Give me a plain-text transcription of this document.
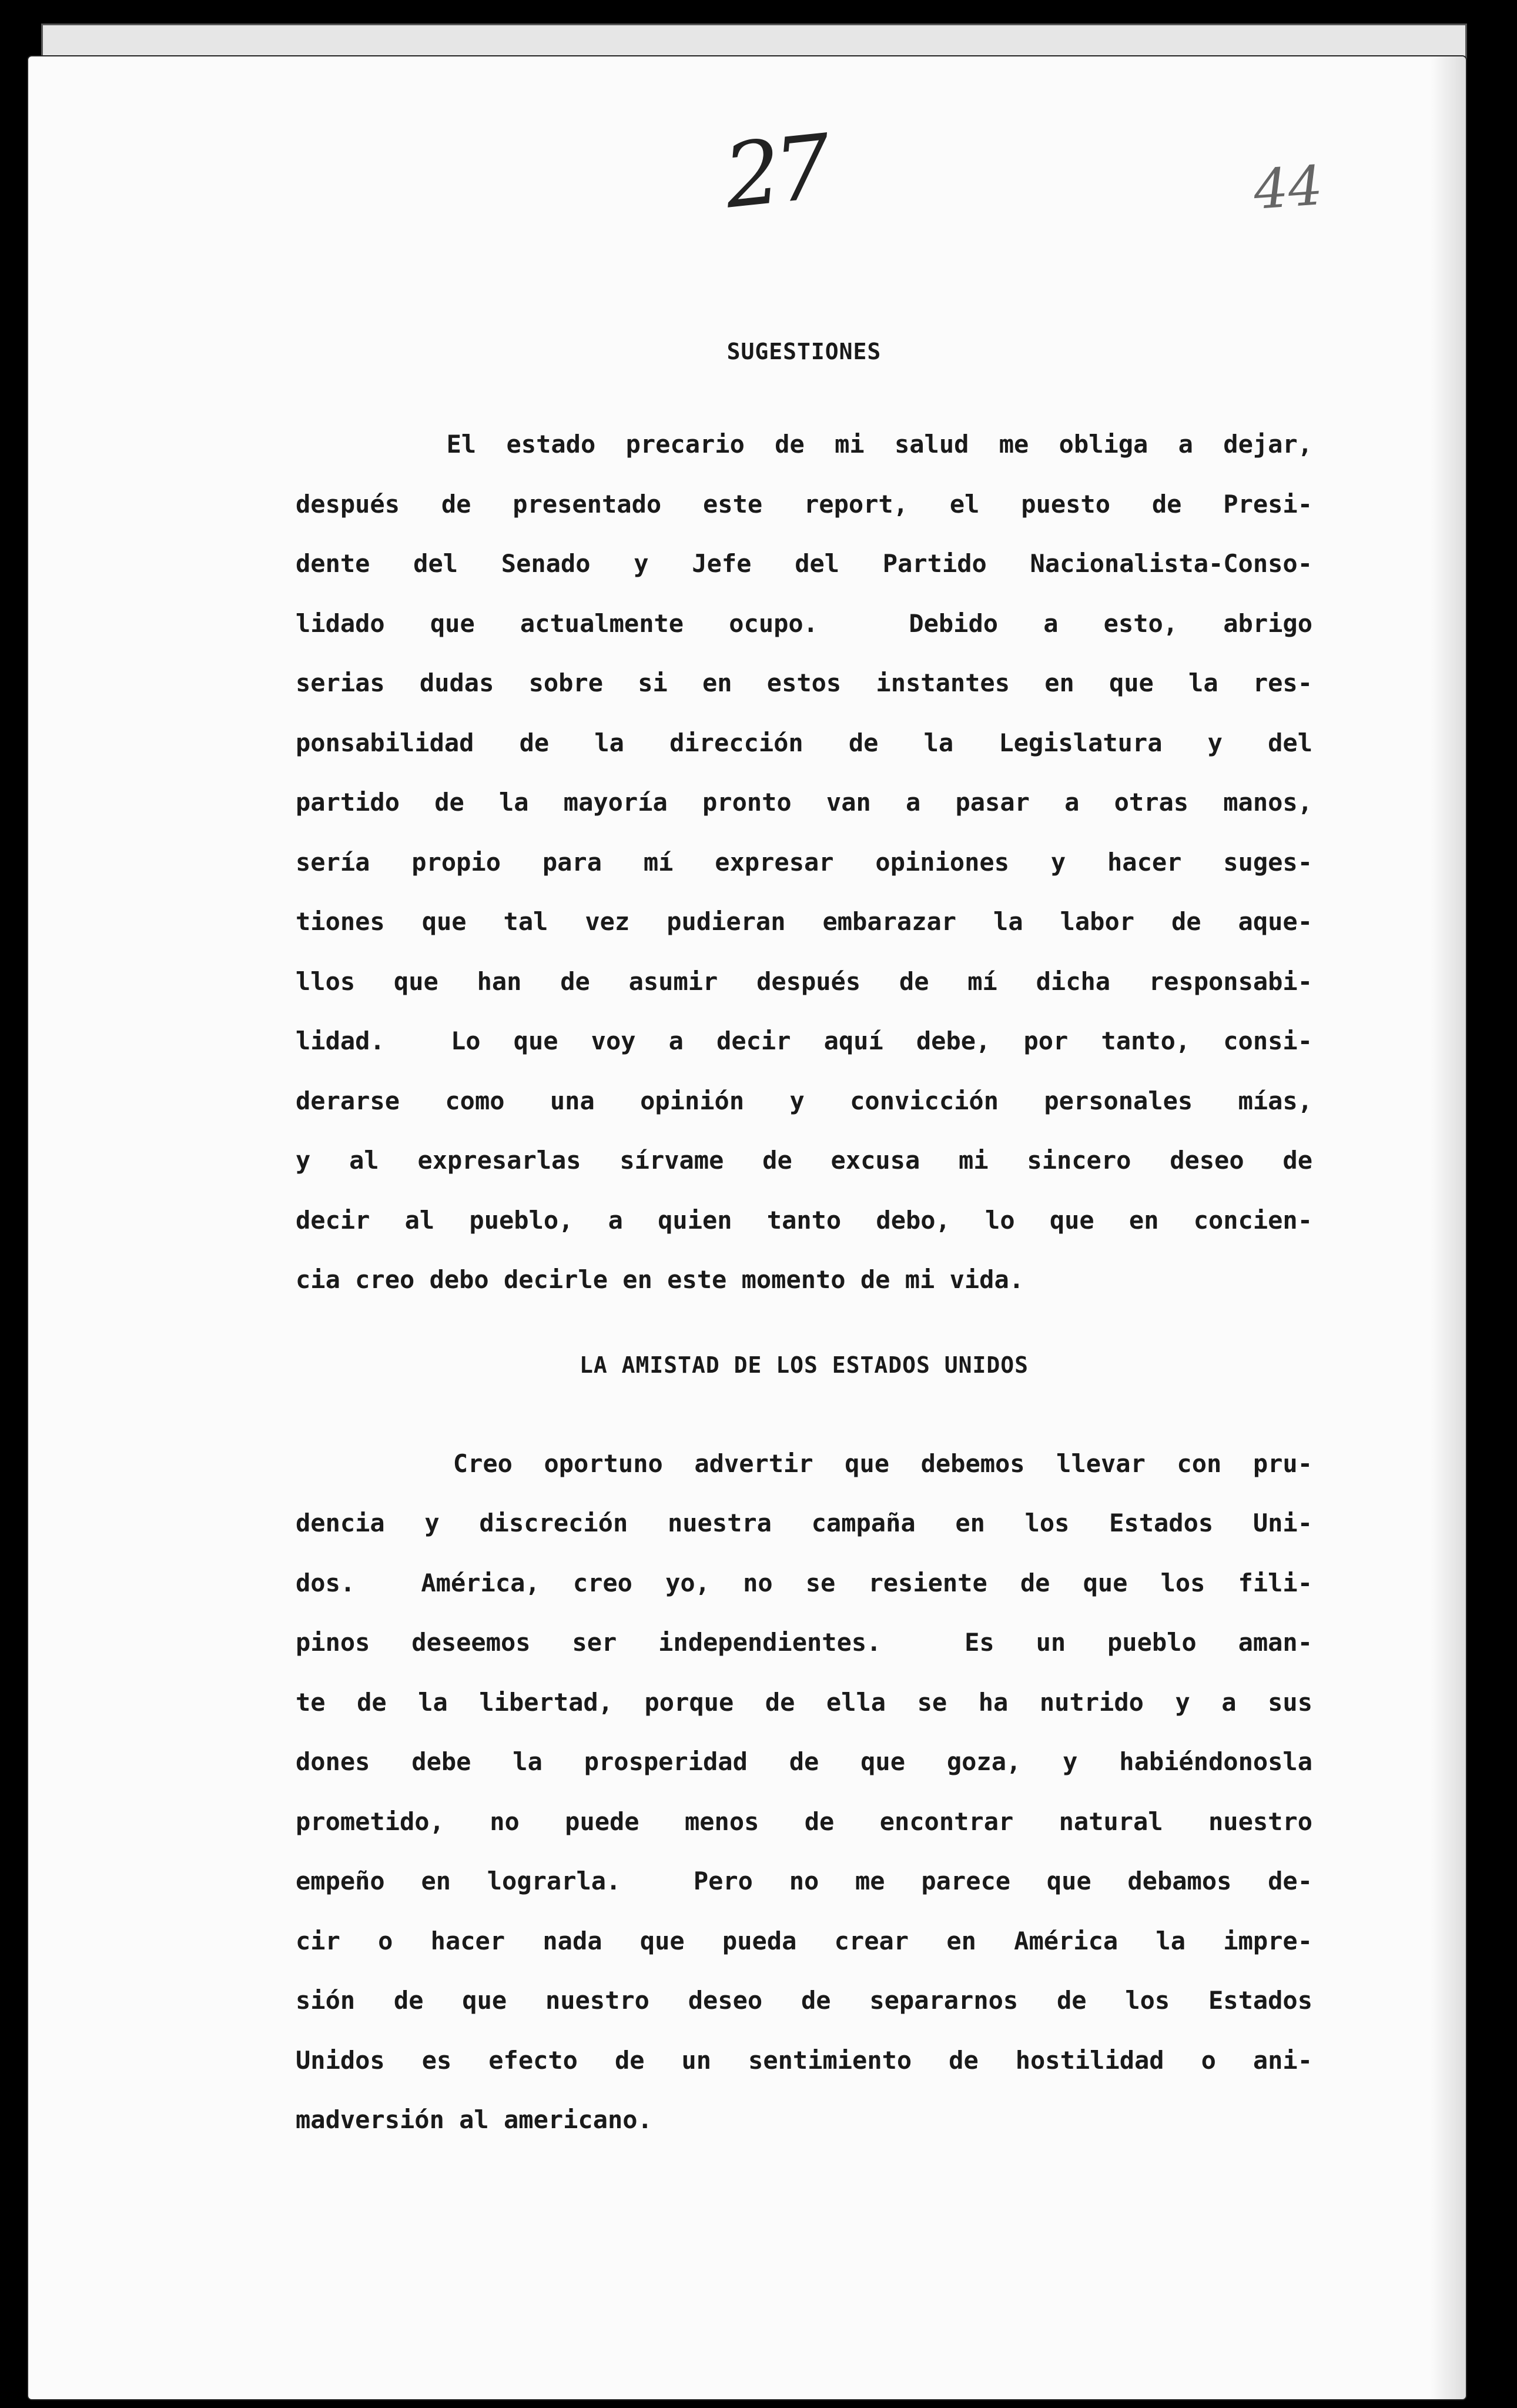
27	44
SUGESTIONES
El estado precario de mi salud me obliga a dejar,
después de presentado este report, el puesto de Presi-
dente del Senado y Jefe del Partido Nacionalista-Conso-
lidado que actualmente ocupo.  Debido a esto, abrigo
serias dudas sobre si en estos instantes en que la res-
ponsabilidad de la dirección de la Legislatura y del
partido de la mayoría pronto van a pasar a otras manos,
sería propio para mí expresar opiniones y hacer suges-
tiones que tal vez pudieran embarazar la labor de aque-
llos que han de asumir después de mí dicha responsabi-
lidad.  Lo que voy a decir aquí debe, por tanto, consi-
derarse como una opinión y convicción personales mías,
y al expresarlas sírvame de excusa mi sincero deseo de
decir al pueblo, a quien tanto debo, lo que en concien-
cia creo debo decirle en este momento de mi vida.
LA AMISTAD DE LOS ESTADOS UNIDOS
Creo oportuno advertir que debemos llevar con pru-
dencia y discreción nuestra campaña en los Estados Uni-
dos.  América, creo yo, no se resiente de que los fili-
pinos deseemos ser independientes.  Es un pueblo aman-
te de la libertad, porque de ella se ha nutrido y a sus
dones debe la prosperidad de que goza, y habiéndonosla
prometido, no puede menos de encontrar natural nuestro
empeño en lograrla.  Pero no me parece que debamos de-
cir o hacer nada que pueda crear en América la impre-
sión de que nuestro deseo de separarnos de los Estados
Unidos es efecto de un sentimiento de hostilidad o ani-
madversión al americano.
